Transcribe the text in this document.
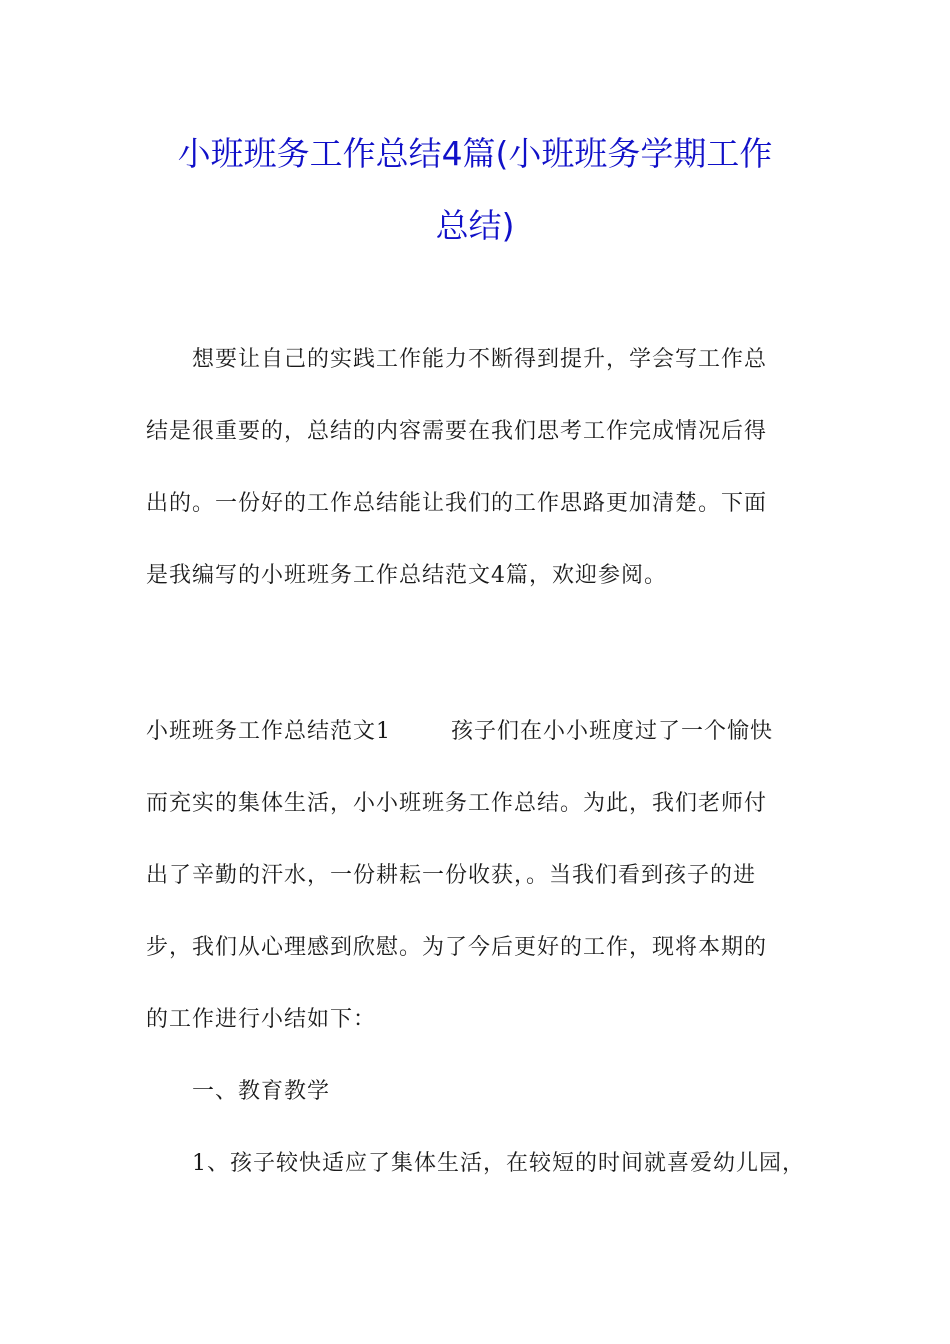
小班班务工作总结4篇(小班班务学期工作
总结)
想要让自己的实践工作能力不断得到提升，学会写工作总
结是很重要的，总结的内容需要在我们思考工作完成情况后得
出的。一份好的工作总结能让我们的工作思路更加清楚。下面
是我编写的小班班务工作总结范文4篇，欢迎参阅。
小班班务工作总结范文1	孩子们在小小班度过了一个愉快
而充实的集体生活，小小班班务工作总结。为此，我们老师付
出了辛勤的汗水，一份耕耘一份收获，。当我们看到孩子的进
步，我们从心理感到欣慰。为了今后更好的工作，现将本期的
的工作进行小结如下：
一、教育教学
1、孩子较快适应了集体生活，在较短的时间就喜爱幼儿园，
